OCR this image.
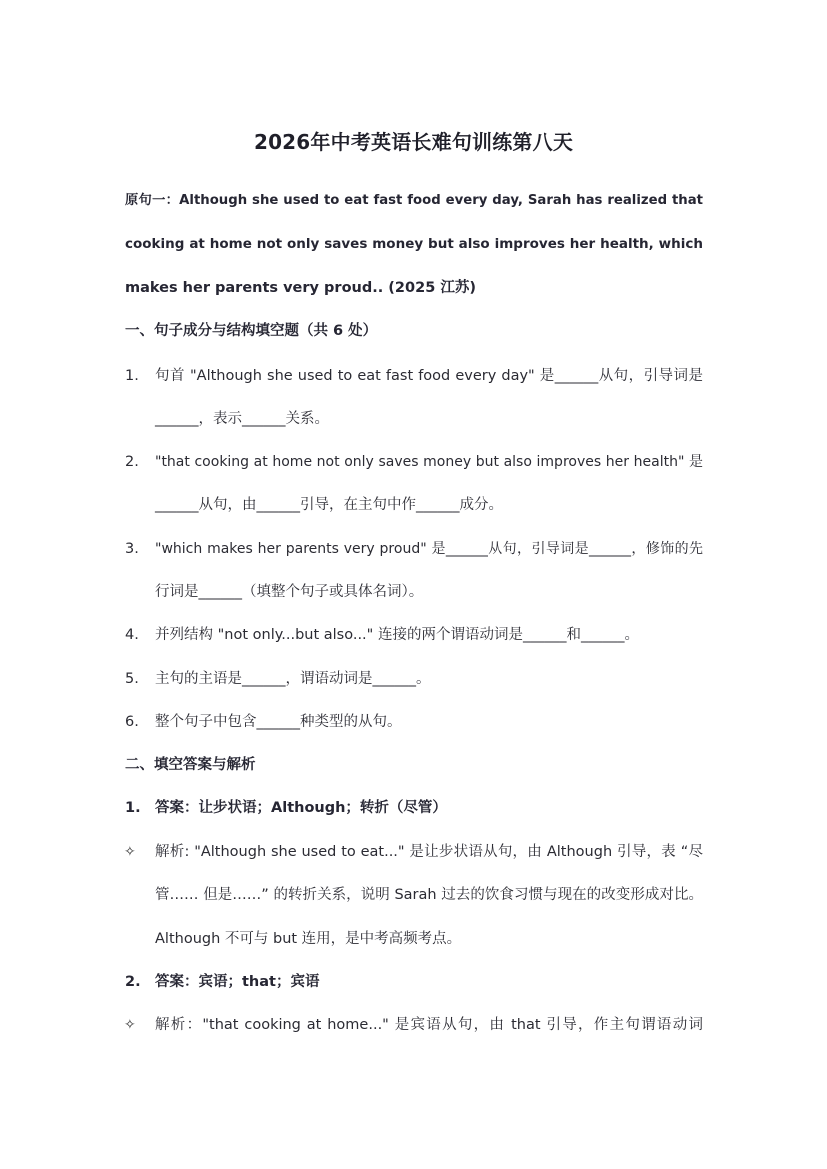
2026年中考英语长难句训练第八天
原句一：Although she used to eat fast food every day, Sarah has realized that
cooking at home not only saves money but also improves her health, which
makes her parents very proud.. (2025 江苏)
一、句子成分与结构填空题（共 6 处）
1.	句首 "Although she used to eat fast food every day" 是______从句，引导词是
______，表示______关系。
2.	"that cooking at home not only saves money but also improves her health" 是
______从句，由______引导，在主句中作______成分。
3.	"which makes her parents very proud" 是______从句，引导词是______，修饰的先
行词是______（填整个句子或具体名词）。
4.	并列结构 "not only...but also..." 连接的两个谓语动词是______和______。
5.	主句的主语是______，谓语动词是______。
6.	整个句子中包含______种类型的从句。
二、填空答案与解析
1. 答案：让步状语；Although；转折（尽管）
✧	解析: "Although she used to eat..." 是让步状语从句，由 Although 引导，表 “尽
管…… 但是……” 的转折关系，说明 Sarah 过去的饮食习惯与现在的改变形成对比。
Although 不可与 but 连用，是中考高频考点。
2. 答案：宾语；that；宾语
✧	解析："that cooking at home..." 是宾语从句，由 that 引导，作主句谓语动词
